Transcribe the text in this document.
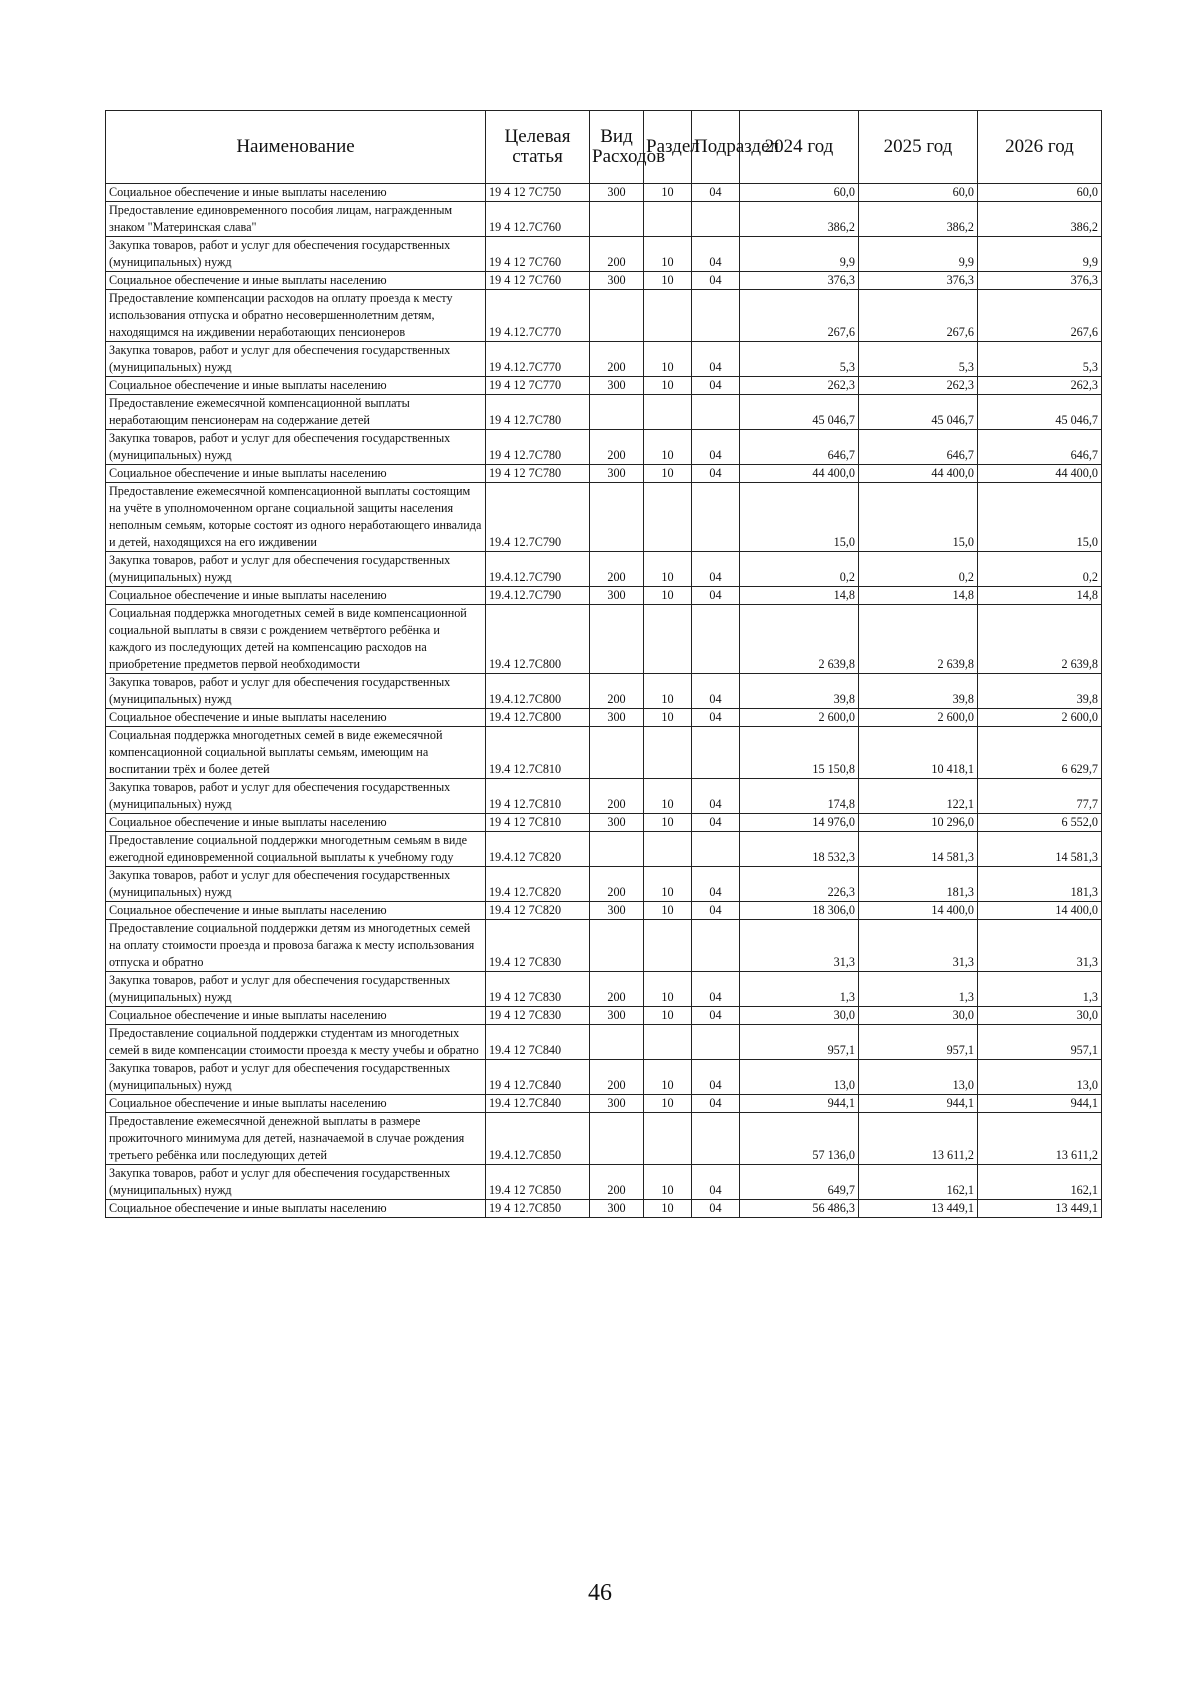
Наименование	Целевая статья	Вид Расходов	Раздел	Подраздел	2024 год	2025 год	2026 год
Социальное обеспечение и иные выплаты населению	19 4 12 7С750	300	10	04	60,0	60,0	60,0
Предоставление единовременного пособия лицам, награжденным знаком "Материнская слава"	19 4 12.7С760				386,2	386,2	386,2
Закупка товаров, работ и услуг для обеспечения государственных (муниципальных) нужд	19 4 12 7С760	200	10	04	9,9	9,9	9,9
Социальное обеспечение и иные выплаты населению	19 4 12 7С760	300	10	04	376,3	376,3	376,3
Предоставление компенсации расходов на оплату проезда к месту использования отпуска и обратно несовершеннолетним детям, находящимся на иждивении неработающих пенсионеров	19 4.12.7С770				267,6	267,6	267,6
Закупка товаров, работ и услуг для обеспечения государственных (муниципальных) нужд	19 4.12.7С770	200	10	04	5,3	5,3	5,3
Социальное обеспечение и иные выплаты населению	19 4 12 7С770	300	10	04	262,3	262,3	262,3
Предоставление ежемесячной компенсационной выплаты неработающим пенсионерам на содержание детей	19 4 12.7С780				45 046,7	45 046,7	45 046,7
Закупка товаров, работ и услуг для обеспечения государственных (муниципальных) нужд	19 4 12.7С780	200	10	04	646,7	646,7	646,7
Социальное обеспечение и иные выплаты населению	19 4 12 7С780	300	10	04	44 400,0	44 400,0	44 400,0
Предоставление ежемесячной компенсационной выплаты состоящим на учёте в уполномоченном органе социальной защиты населения неполным семьям, которые состоят из одного неработающего инвалида и детей, находящихся на его иждивении	19.4 12.7С790				15,0	15,0	15,0
Закупка товаров, работ и услуг для обеспечения государственных (муниципальных) нужд	19.4.12.7С790	200	10	04	0,2	0,2	0,2
Социальное обеспечение и иные выплаты населению	19.4.12.7С790	300	10	04	14,8	14,8	14,8
Социальная поддержка многодетных семей в виде компенсационной социальной выплаты в связи с рождением четвёртого ребёнка и каждого из последующих детей на компенсацию расходов на приобретение предметов первой необходимости	19.4 12.7С800				2 639,8	2 639,8	2 639,8
Закупка товаров, работ и услуг для обеспечения государственных (муниципальных) нужд	19.4.12.7С800	200	10	04	39,8	39,8	39,8
Социальное обеспечение и иные выплаты населению	19.4 12.7С800	300	10	04	2 600,0	2 600,0	2 600,0
Социальная поддержка многодетных семей в виде ежемесячной компенсационной социальной выплаты семьям, имеющим на воспитании трёх и более детей	19.4 12.7С810				15 150,8	10 418,1	6 629,7
Закупка товаров, работ и услуг для обеспечения государственных (муниципальных) нужд	19 4 12.7С810	200	10	04	174,8	122,1	77,7
Социальное обеспечение и иные выплаты населению	19 4 12 7С810	300	10	04	14 976,0	10 296,0	6 552,0
Предоставление социальной поддержки многодетным семьям в виде ежегодной единовременной социальной выплаты к учебному году	19.4.12 7С820				18 532,3	14 581,3	14 581,3
Закупка товаров, работ и услуг для обеспечения государственных (муниципальных) нужд	19.4 12.7С820	200	10	04	226,3	181,3	181,3
Социальное обеспечение и иные выплаты населению	19.4 12 7С820	300	10	04	18 306,0	14 400,0	14 400,0
Предоставление социальной поддержки детям из многодетных семей на оплату стоимости проезда и провоза багажа к месту использования отпуска и обратно	19.4 12 7С830				31,3	31,3	31,3
Закупка товаров, работ и услуг для обеспечения государственных (муниципальных) нужд	19 4 12 7С830	200	10	04	1,3	1,3	1,3
Социальное обеспечение и иные выплаты населению	19 4 12 7С830	300	10	04	30,0	30,0	30,0
Предоставление социальной поддержки студентам из многодетных семей в виде компенсации стоимости проезда к месту учебы и обратно	19.4 12 7С840				957,1	957,1	957,1
Закупка товаров, работ и услуг для обеспечения государственных (муниципальных) нужд	19 4 12.7С840	200	10	04	13,0	13,0	13,0
Социальное обеспечение и иные выплаты населению	19.4 12.7С840	300	10	04	944,1	944,1	944,1
Предоставление ежемесячной денежной выплаты в размере прожиточного минимума для детей, назначаемой в случае рождения третьего ребёнка или последующих детей	19.4.12.7С850				57 136,0	13 611,2	13 611,2
Закупка товаров, работ и услуг для обеспечения государственных (муниципальных) нужд	19.4 12 7С850	200	10	04	649,7	162,1	162,1
Социальное обеспечение и иные выплаты населению	19 4 12.7С850	300	10	04	56 486,3	13 449,1	13 449,1
46
